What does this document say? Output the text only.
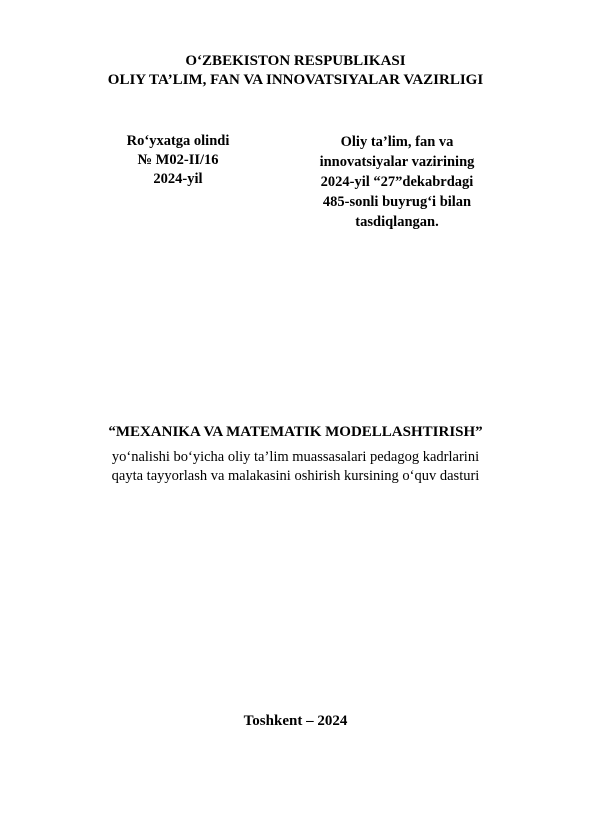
O‘ZBEKISTON RESPUBLIKASI
OLIY TA’LIM, FAN VA INNOVATSIYALAR VAZIRLIGI
Ro‘yxatga olindi
№ M02-II/16
2024-yil
Oliy ta’lim, fan va
innovatsiyalar vazirining
2024-yil “27”dekabrdagi
485-sonli buyrug‘i bilan
tasdiqlangan.
“MEXANIKA VA MATEMATIK MODELLASHTIRISH”
yo‘nalishi bo‘yicha oliy ta’lim muassasalari pedagog kadrlarini
qayta tayyorlash va malakasini oshirish kursining o‘quv dasturi
Toshkent – 2024
